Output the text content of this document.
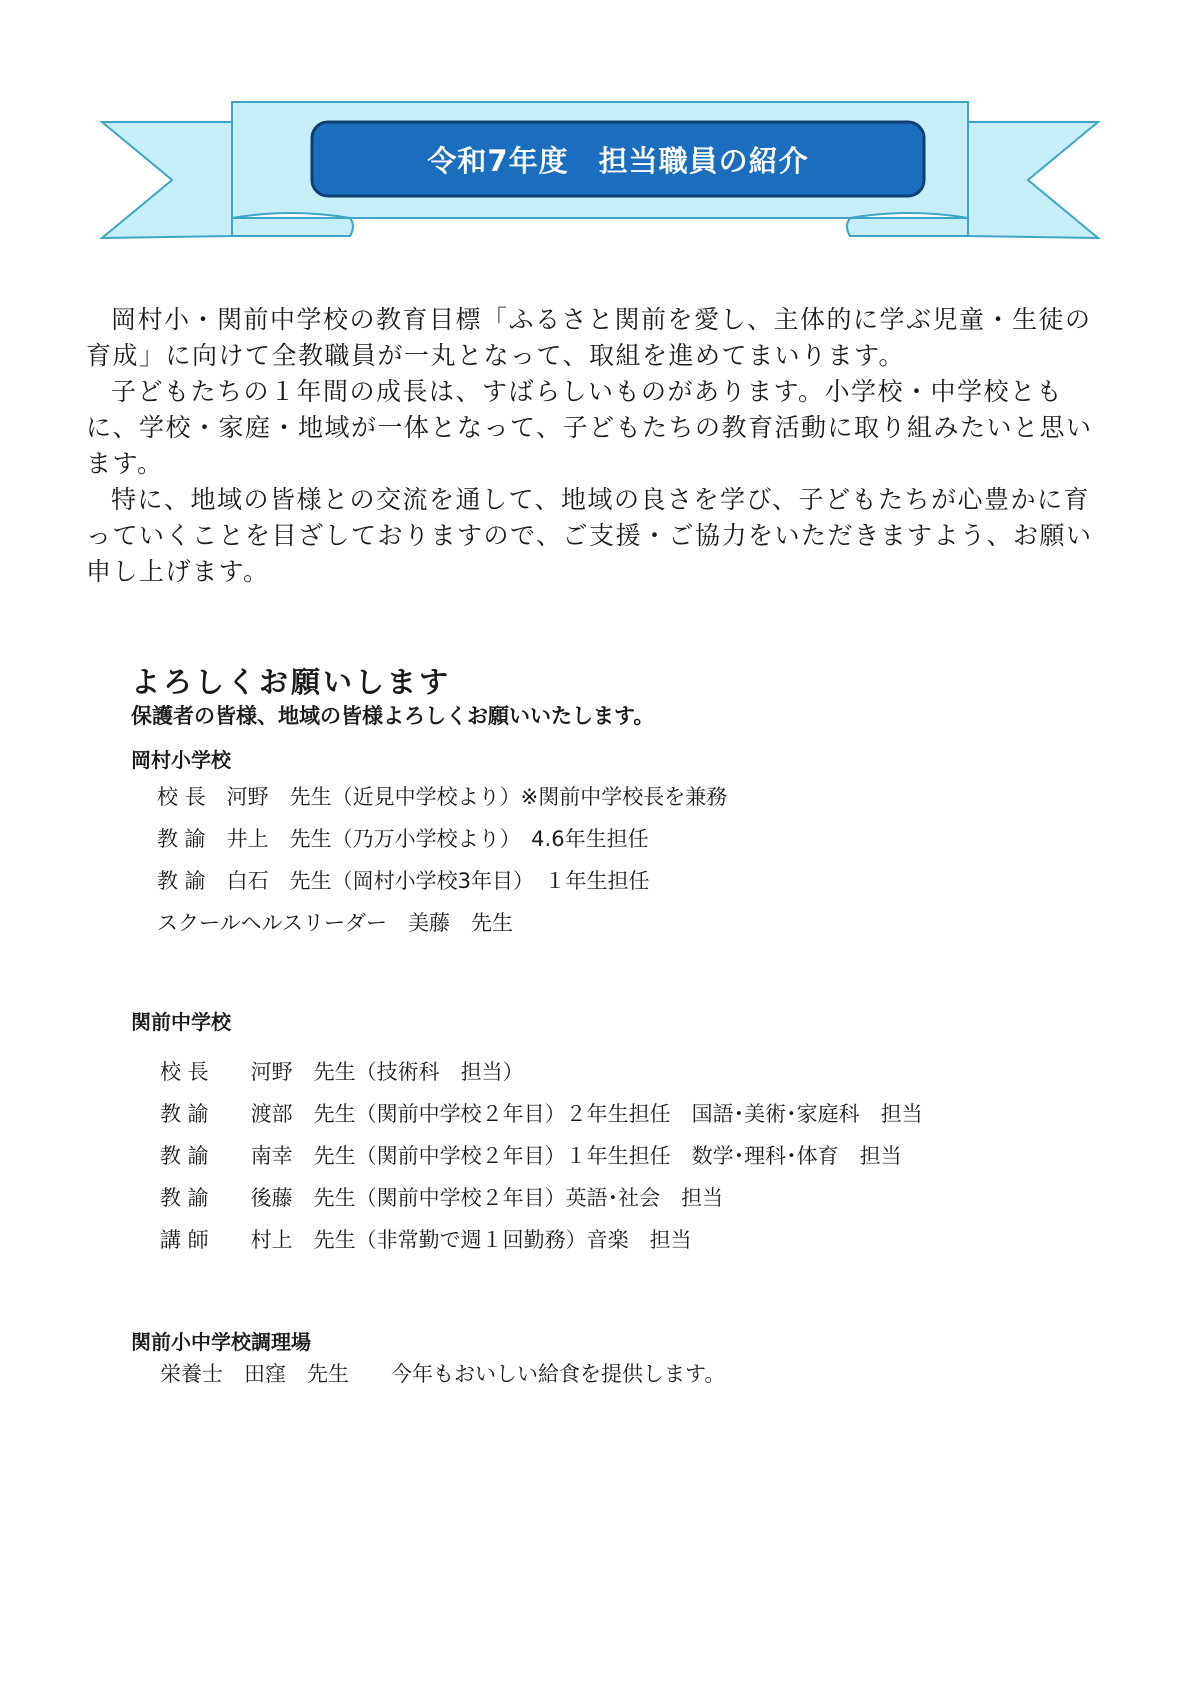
令和7年度　担当職員の紹介

岡村小・関前中学校の教育目標「ふるさと関前を愛し、主体的に学ぶ児童・生徒の育成」に向けて全教職員が一丸となって、取組を進めてまいります。

子どもたちの１年間の成長は、すばらしいものがあります。小学校・中学校ともに、学校・家庭・地域が一体となって、子どもたちの教育活動に取り組みたいと思います。

特に、地域の皆様との交流を通して、地域の良さを学び、子どもたちが心豊かに育っていくことを目ざしておりますので、ご支援・ご協力をいただきますよう、お願い申し上げます。

よろしくお願いします
保護者の皆様、地域の皆様よろしくお願いいたします。
岡村小学校
校 長　河野　先生（近見中学校より）※関前中学校長を兼務
教 諭　井上　先生（乃万小学校より）　4.6年生担任
教 諭　白石　先生（岡村小学校3年目）　１年生担任
スクールヘルスリーダー　美藤　先生
関前中学校
校 長　　河野　先生（技術科　担当）
教 諭　　渡部　先生（関前中学校２年目）２年生担任　国語･美術･家庭科　担当
教 諭　　南幸　先生（関前中学校２年目）１年生担任　数学･理科･体育　担当
教 諭　　後藤　先生（関前中学校２年目）英語･社会　担当
講 師　　村上　先生（非常勤で週１回勤務）音楽　担当
関前小中学校調理場
栄養士　田窪　先生　　今年もおいしい給食を提供します。
